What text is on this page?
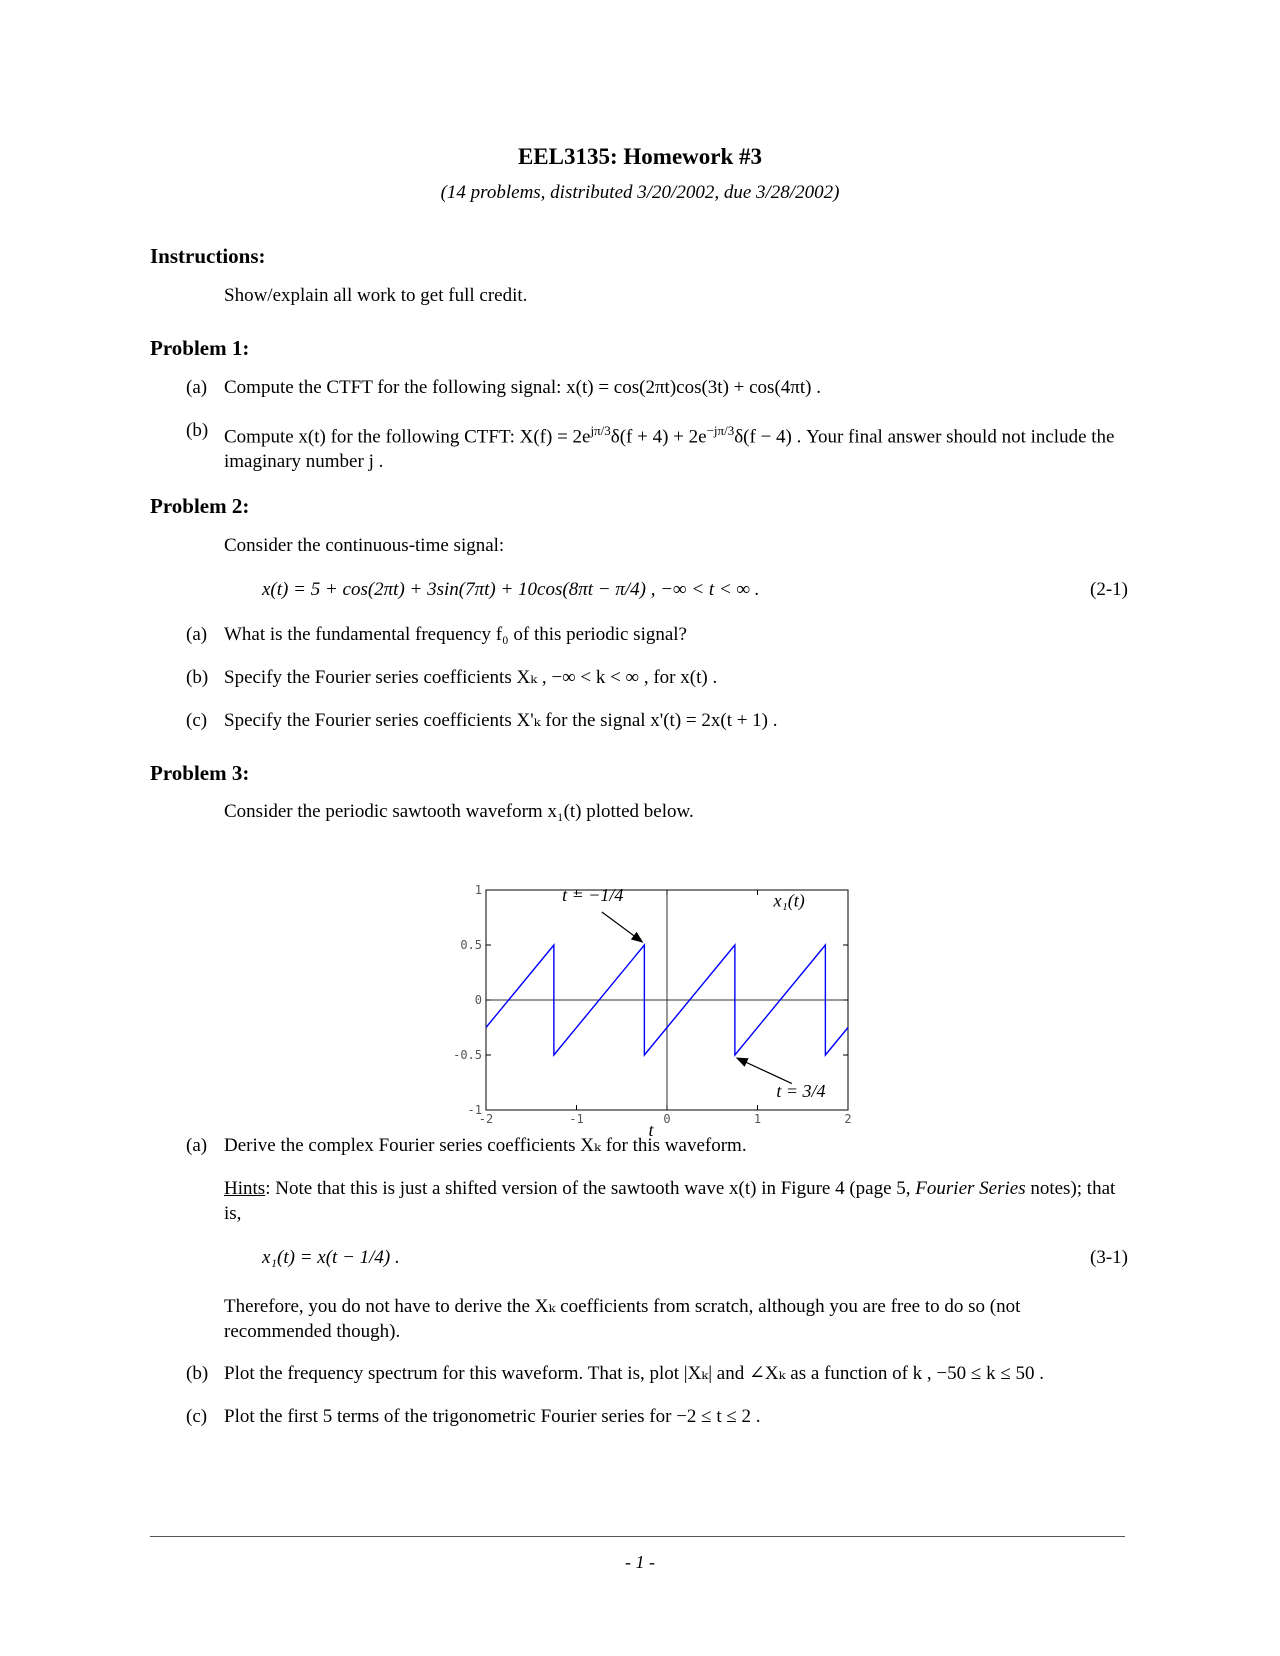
EEL3135: Homework #3
(14 problems, distributed 3/20/2002, due 3/28/2002)
Instructions:
Show/explain all work to get full credit.
Problem 1:
(a) Compute the CTFT for the following signal: x(t) = cos(2πt)cos(3t) + cos(4πt) .
(b) Compute x(t) for the following CTFT: $X(f) = 2e^{j\pi/3}\delta(f + 4) + 2e^{-j\pi/3}\delta(f - 4)$ . Your final answer should not include the imaginary number j .
Problem 2:
Consider the continuous-time signal:
x(t) = 5 + cos(2πt) + 3sin(7πt) + 10cos(8πt − π/4) , −∞ < t < ∞ .	(2-1)
(a) What is the fundamental frequency f₀ of this periodic signal?
(b) Specify the Fourier series coefficients Xₖ , −∞ < k < ∞ , for x(t) .
(c) Specify the Fourier series coefficients X'ₖ for the signal x'(t) = 2x(t + 1) .
Problem 3:
Consider the periodic sawtooth waveform x₁(t) plotted below.
1
0.5
0
-0.5
-1
-2	-1	0	1	2
t
x₁(t)
t = −1/4
t = 3/4
(a) Derive the complex Fourier series coefficients Xₖ for this waveform.
Hints: Note that this is just a shifted version of the sawtooth wave x(t) in Figure 4 (page 5, Fourier Series notes); that is,
x₁(t) = x(t − 1/4) .	(3-1)
Therefore, you do not have to derive the Xₖ coefficients from scratch, although you are free to do so (not recommended though).
(b) Plot the frequency spectrum for this waveform. That is, plot |Xₖ| and ∠Xₖ as a function of k , −50 ≤ k ≤ 50 .
(c) Plot the first 5 terms of the trigonometric Fourier series for −2 ≤ t ≤ 2 .
- 1 -
